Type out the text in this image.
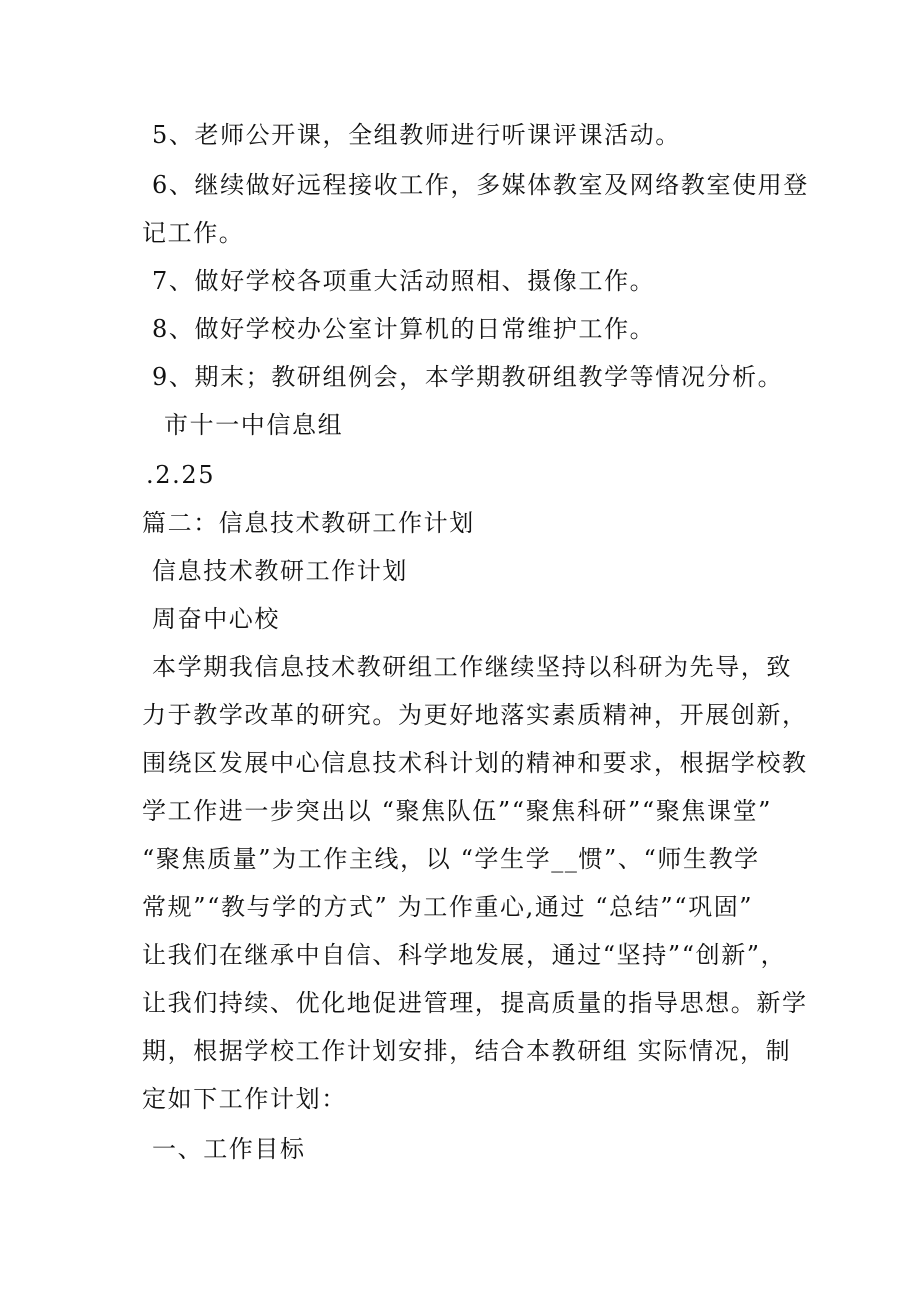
5、老师公开课，全组教师进行听课评课活动。
6、继续做好远程接收工作，多媒体教室及网络教室使用登
记工作。
7、做好学校各项重大活动照相、摄像工作。
8、做好学校办公室计算机的日常维护工作。
9、期末；教研组例会，本学期教研组教学等情况分析。
市十一中信息组
.2.25
篇二：信息技术教研工作计划
信息技术教研工作计划
周奋中心校
本学期我信息技术教研组工作继续坚持以科研为先导，致
力于教学改革的研究。为更好地落实素质精神，开展创新，
围绕区发展中心信息技术科计划的精神和要求，根据学校教
学工作进一步突出以 “聚焦队伍”“聚焦科研”“聚焦课堂”
“聚焦质量”为工作主线，以 “学生学__惯”、“师生教学
常规”“教与学的方式” 为工作重心,通过 “总结”“巩固”
让我们在继承中自信、科学地发展，通过“坚持”“创新”，
让我们持续、优化地促进管理，提高质量的指导思想。新学
期，根据学校工作计划安排，结合本教研组 实际情况，制
定如下工作计划：
一、工作目标
